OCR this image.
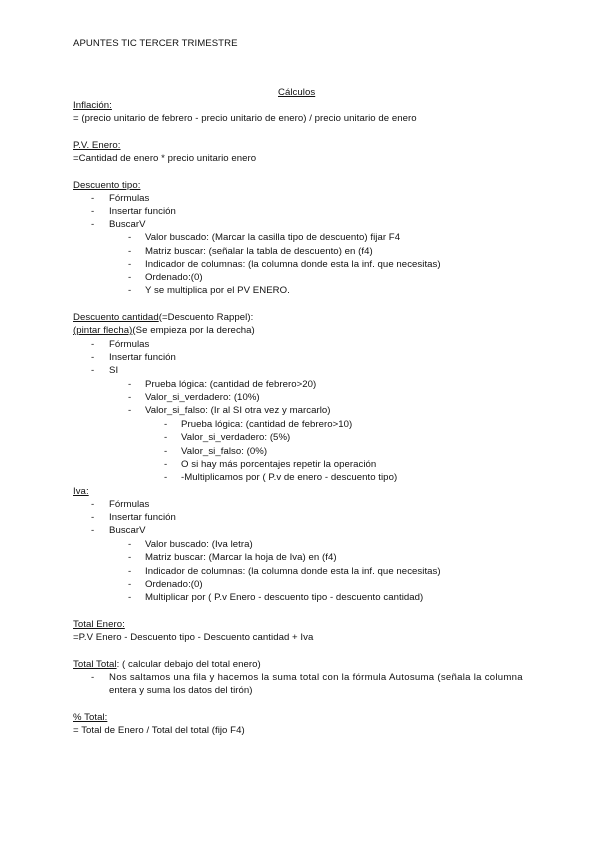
APUNTES TIC TERCER TRIMESTRE
Cálculos
Inflación:
= (precio unitario de febrero - precio unitario de enero) / precio unitario de enero
P.V. Enero:
=Cantidad de enero * precio unitario enero
Descuento tipo:
- Fórmulas
- Insertar función
- BuscarV
- Valor buscado: (Marcar la casilla tipo de descuento) fijar F4
- Matriz buscar: (señalar la tabla de descuento) en (f4)
- Indicador de columnas: (la columna donde esta la inf. que necesitas)
- Ordenado:(0)
- Y se multiplica por el PV ENERO.
Descuento cantidad(=Descuento Rappel):
(pintar flecha)(Se empieza por la derecha)
- Fórmulas
- Insertar función
- SI
- Prueba lógica: (cantidad de febrero>20)
- Valor_si_verdadero: (10%)
- Valor_si_falso: (Ir al SI otra vez y marcarlo)
- Prueba lógica: (cantidad de febrero>10)
- Valor_si_verdadero: (5%)
- Valor_si_falso: (0%)
- O si hay más porcentajes repetir la operación
- -Multiplicamos por ( P.v de enero - descuento tipo)
Iva:
- Fórmulas
- Insertar función
- BuscarV
- Valor buscado: (Iva letra)
- Matriz buscar: (Marcar la hoja de Iva) en (f4)
- Indicador de columnas: (la columna donde esta la inf. que necesitas)
- Ordenado:(0)
- Multiplicar por ( P.v Enero - descuento tipo - descuento cantidad)
Total Enero:
=P.V Enero - Descuento tipo - Descuento cantidad + Iva
Total Total: ( calcular debajo del total enero)
- Nos saltamos una fila y hacemos la suma total con la fórmula Autosuma (señala la columna
entera y suma los datos del tirón)
% Total:
= Total de Enero / Total del total (fijo F4)
